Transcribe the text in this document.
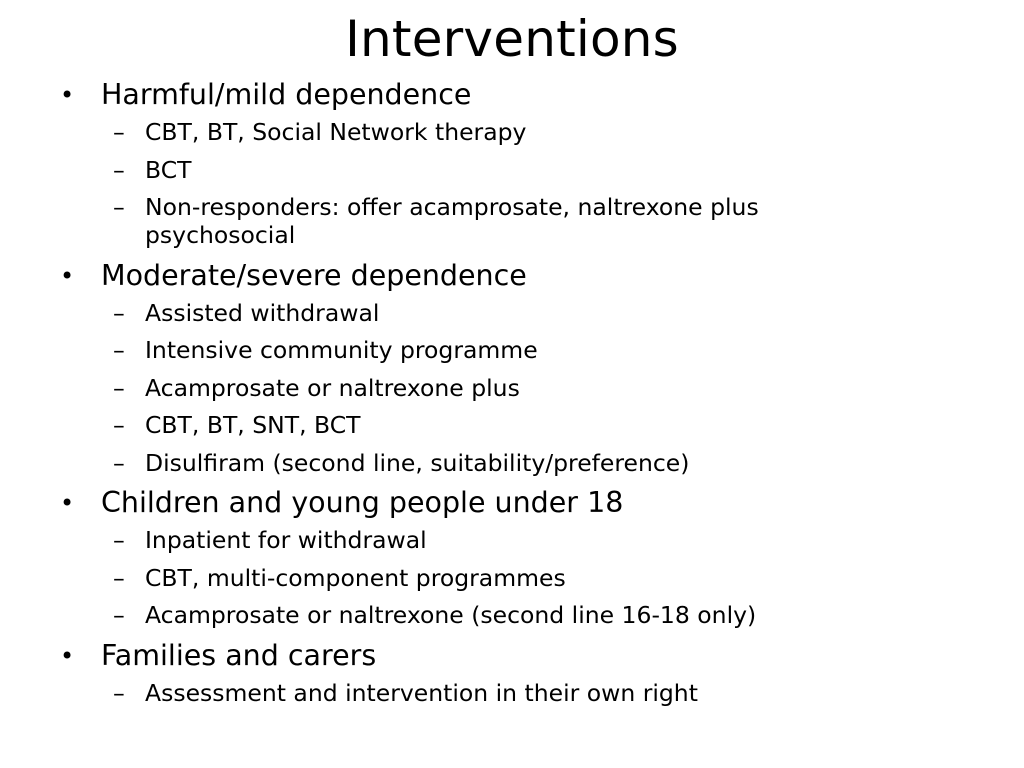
Interventions
• Harmful/mild dependence
– CBT, BT, Social Network therapy
– BCT
– Non-responders: offer acamprosate, naltrexone plus psychosocial
• Moderate/severe dependence
– Assisted withdrawal
– Intensive community programme
– Acamprosate or naltrexone plus
– CBT, BT, SNT, BCT
– Disulfiram (second line, suitability/preference)
• Children and young people under 18
– Inpatient for withdrawal
– CBT, multi-component programmes
– Acamprosate or naltrexone (second line 16-18 only)
• Families and carers
– Assessment and intervention in their own right
